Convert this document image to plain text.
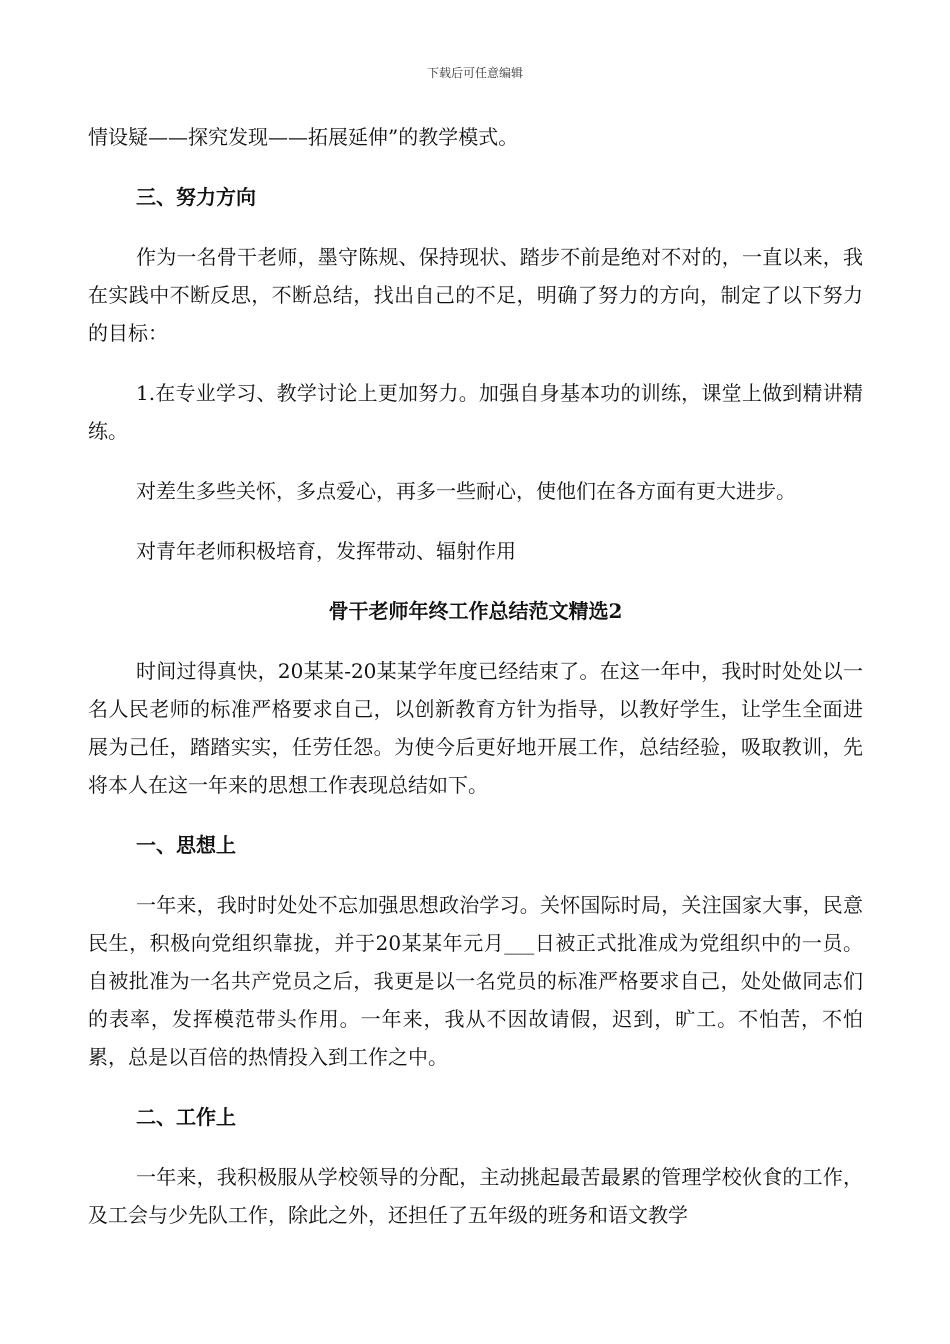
下载后可任意编辑

情设疑——探究发现——拓展延伸”的教学模式。

三、努力方向

作为一名骨干老师，墨守陈规、保持现状、踏步不前是绝对不对的，一直以来，我在实践中不断反思，不断总结，找出自己的不足，明确了努力的方向，制定了以下努力的目标：

1.在专业学习、教学讨论上更加努力。加强自身基本功的训练，课堂上做到精讲精练。

对差生多些关怀，多点爱心，再多一些耐心，使他们在各方面有更大进步。

对青年老师积极培育，发挥带动、辐射作用

骨干老师年终工作总结范文精选2

时间过得真快，20某某-20某某学年度已经结束了。在这一年中，我时时处处以一名人民老师的标准严格要求自己，以创新教育方针为指导，以教好学生，让学生全面进展为己任，踏踏实实，任劳任怨。为使今后更好地开展工作，总结经验，吸取教训，先将本人在这一年来的思想工作表现总结如下。

一、思想上

一年来，我时时处处不忘加强思想政治学习。关怀国际时局，关注国家大事，民意民生，积极向党组织靠拢，并于20某某年元月___日被正式批准成为党组织中的一员。自被批准为一名共产党员之后，我更是以一名党员的标准严格要求自己，处处做同志们的表率，发挥模范带头作用。一年来，我从不因故请假，迟到，旷工。不怕苦，不怕累，总是以百倍的热情投入到工作之中。

二、工作上

一年来，我积极服从学校领导的分配，主动挑起最苦最累的管理学校伙食的工作，及工会与少先队工作，除此之外，还担任了五年级的班务和语文教学
